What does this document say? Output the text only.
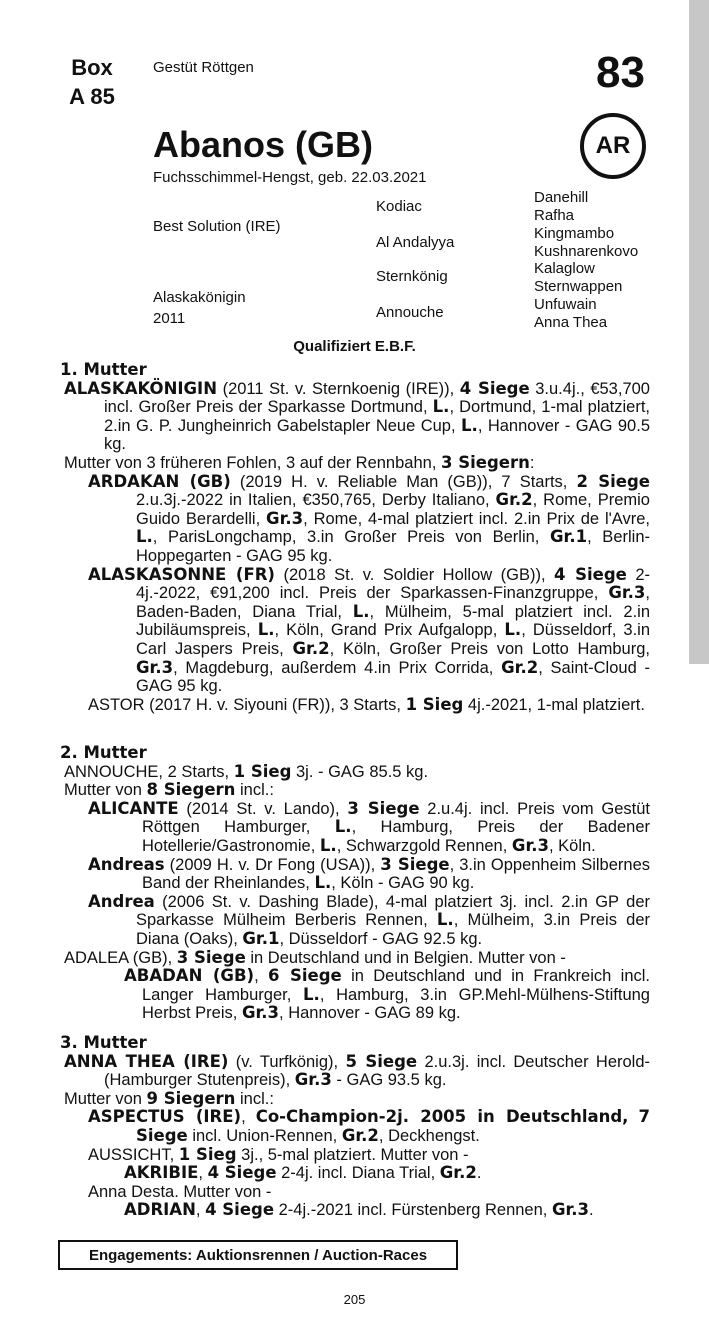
Box
A 85
Gestüt Röttgen	83
AR
Abanos (GB)
Fuchsschimmel-Hengst, geb. 22.03.2021
Best Solution (IRE)
Alaskakönigin
2011
Kodiac
Al Andalyya
Sternkönig
Annouche
Danehill
Rafha
Kingmambo
Kushnarenkovo
Kalaglow
Sternwappen
Unfuwain
Anna Thea
Qualifiziert E.B.F.

1. Mutter

ALASKAKÖNIGIN (2011 St. v. Sternkoenig (IRE)), 4 Siege 3.u.4j., €53,700 incl. Großer Preis der Sparkasse Dortmund, L., Dortmund, 1-mal platziert, 2.in G. P. Jungheinrich Gabelstapler Neue Cup, L., Hannover - GAG 90.5 kg.

Mutter von 3 früheren Fohlen, 3 auf der Rennbahn, 3 Siegern:

ARDAKAN (GB) (2019 H. v. Reliable Man (GB)), 7 Starts, 2 Siege 2.u.3j.-2022 in Italien, €350,765, Derby Italiano, Gr.2, Rome, Premio Guido Berardelli, Gr.3, Rome, 4-mal platziert incl. 2.in Prix de l'Avre, L., ParisLongchamp, 3.in Großer Preis von Berlin, Gr.1, Berlin-Hoppegarten - GAG 95 kg.

ALASKASONNE (FR) (2018 St. v. Soldier Hollow (GB)), 4 Siege 2-4j.-2022, €91,200 incl. Preis der Sparkassen-Finanzgruppe, Gr.3, Baden-Baden, Diana Trial, L., Mülheim, 5-mal platziert incl. 2.in Jubiläumspreis, L., Köln, Grand Prix Aufgalopp, L., Düsseldorf, 3.in Carl Jaspers Preis, Gr.2, Köln, Großer Preis von Lotto Hamburg, Gr.3, Magdeburg, außerdem 4.in Prix Corrida, Gr.2, Saint-Cloud - GAG 95 kg.

ASTOR (2017 H. v. Siyouni (FR)), 3 Starts, 1 Sieg 4j.-2021, 1-mal platziert.

2. Mutter

ANNOUCHE, 2 Starts, 1 Sieg 3j. - GAG 85.5 kg.

Mutter von 8 Siegern incl.:

ALICANTE (2014 St. v. Lando), 3 Siege 2.u.4j. incl. Preis vom Gestüt Röttgen Hamburger, L., Hamburg, Preis der Badener Hotellerie/Gastronomie, L., Schwarzgold Rennen, Gr.3, Köln.

Andreas (2009 H. v. Dr Fong (USA)), 3 Siege, 3.in Oppenheim Silbernes Band der Rheinlandes, L., Köln - GAG 90 kg.

Andrea (2006 St. v. Dashing Blade), 4-mal platziert 3j. incl. 2.in GP der Sparkasse Mülheim Berberis Rennen, L., Mülheim, 3.in Preis der Diana (Oaks), Gr.1, Düsseldorf - GAG 92.5 kg.

ADALEA (GB), 3 Siege in Deutschland und in Belgien. Mutter von -

ABADAN (GB), 6 Siege in Deutschland und in Frankreich incl. Langer Hamburger, L., Hamburg, 3.in GP.Mehl-Mülhens-Stiftung Herbst Preis, Gr.3, Hannover - GAG 89 kg.

3. Mutter

ANNA THEA (IRE) (v. Turfkönig), 5 Siege 2.u.3j. incl. Deutscher Herold-(Hamburger Stutenpreis), Gr.3 - GAG 93.5 kg.

Mutter von 9 Siegern incl.:

ASPECTUS (IRE), Co-Champion-2j. 2005 in Deutschland, 7 Siege incl. Union-Rennen, Gr.2, Deckhengst.

AUSSICHT, 1 Sieg 3j., 5-mal platziert. Mutter von -

AKRIBIE, 4 Siege 2-4j. incl. Diana Trial, Gr.2.

Anna Desta. Mutter von -

ADRIAN, 4 Siege 2-4j.-2021 incl. Fürstenberg Rennen, Gr.3.

Engagements: Auktionsrennen / Auction-Races
205
